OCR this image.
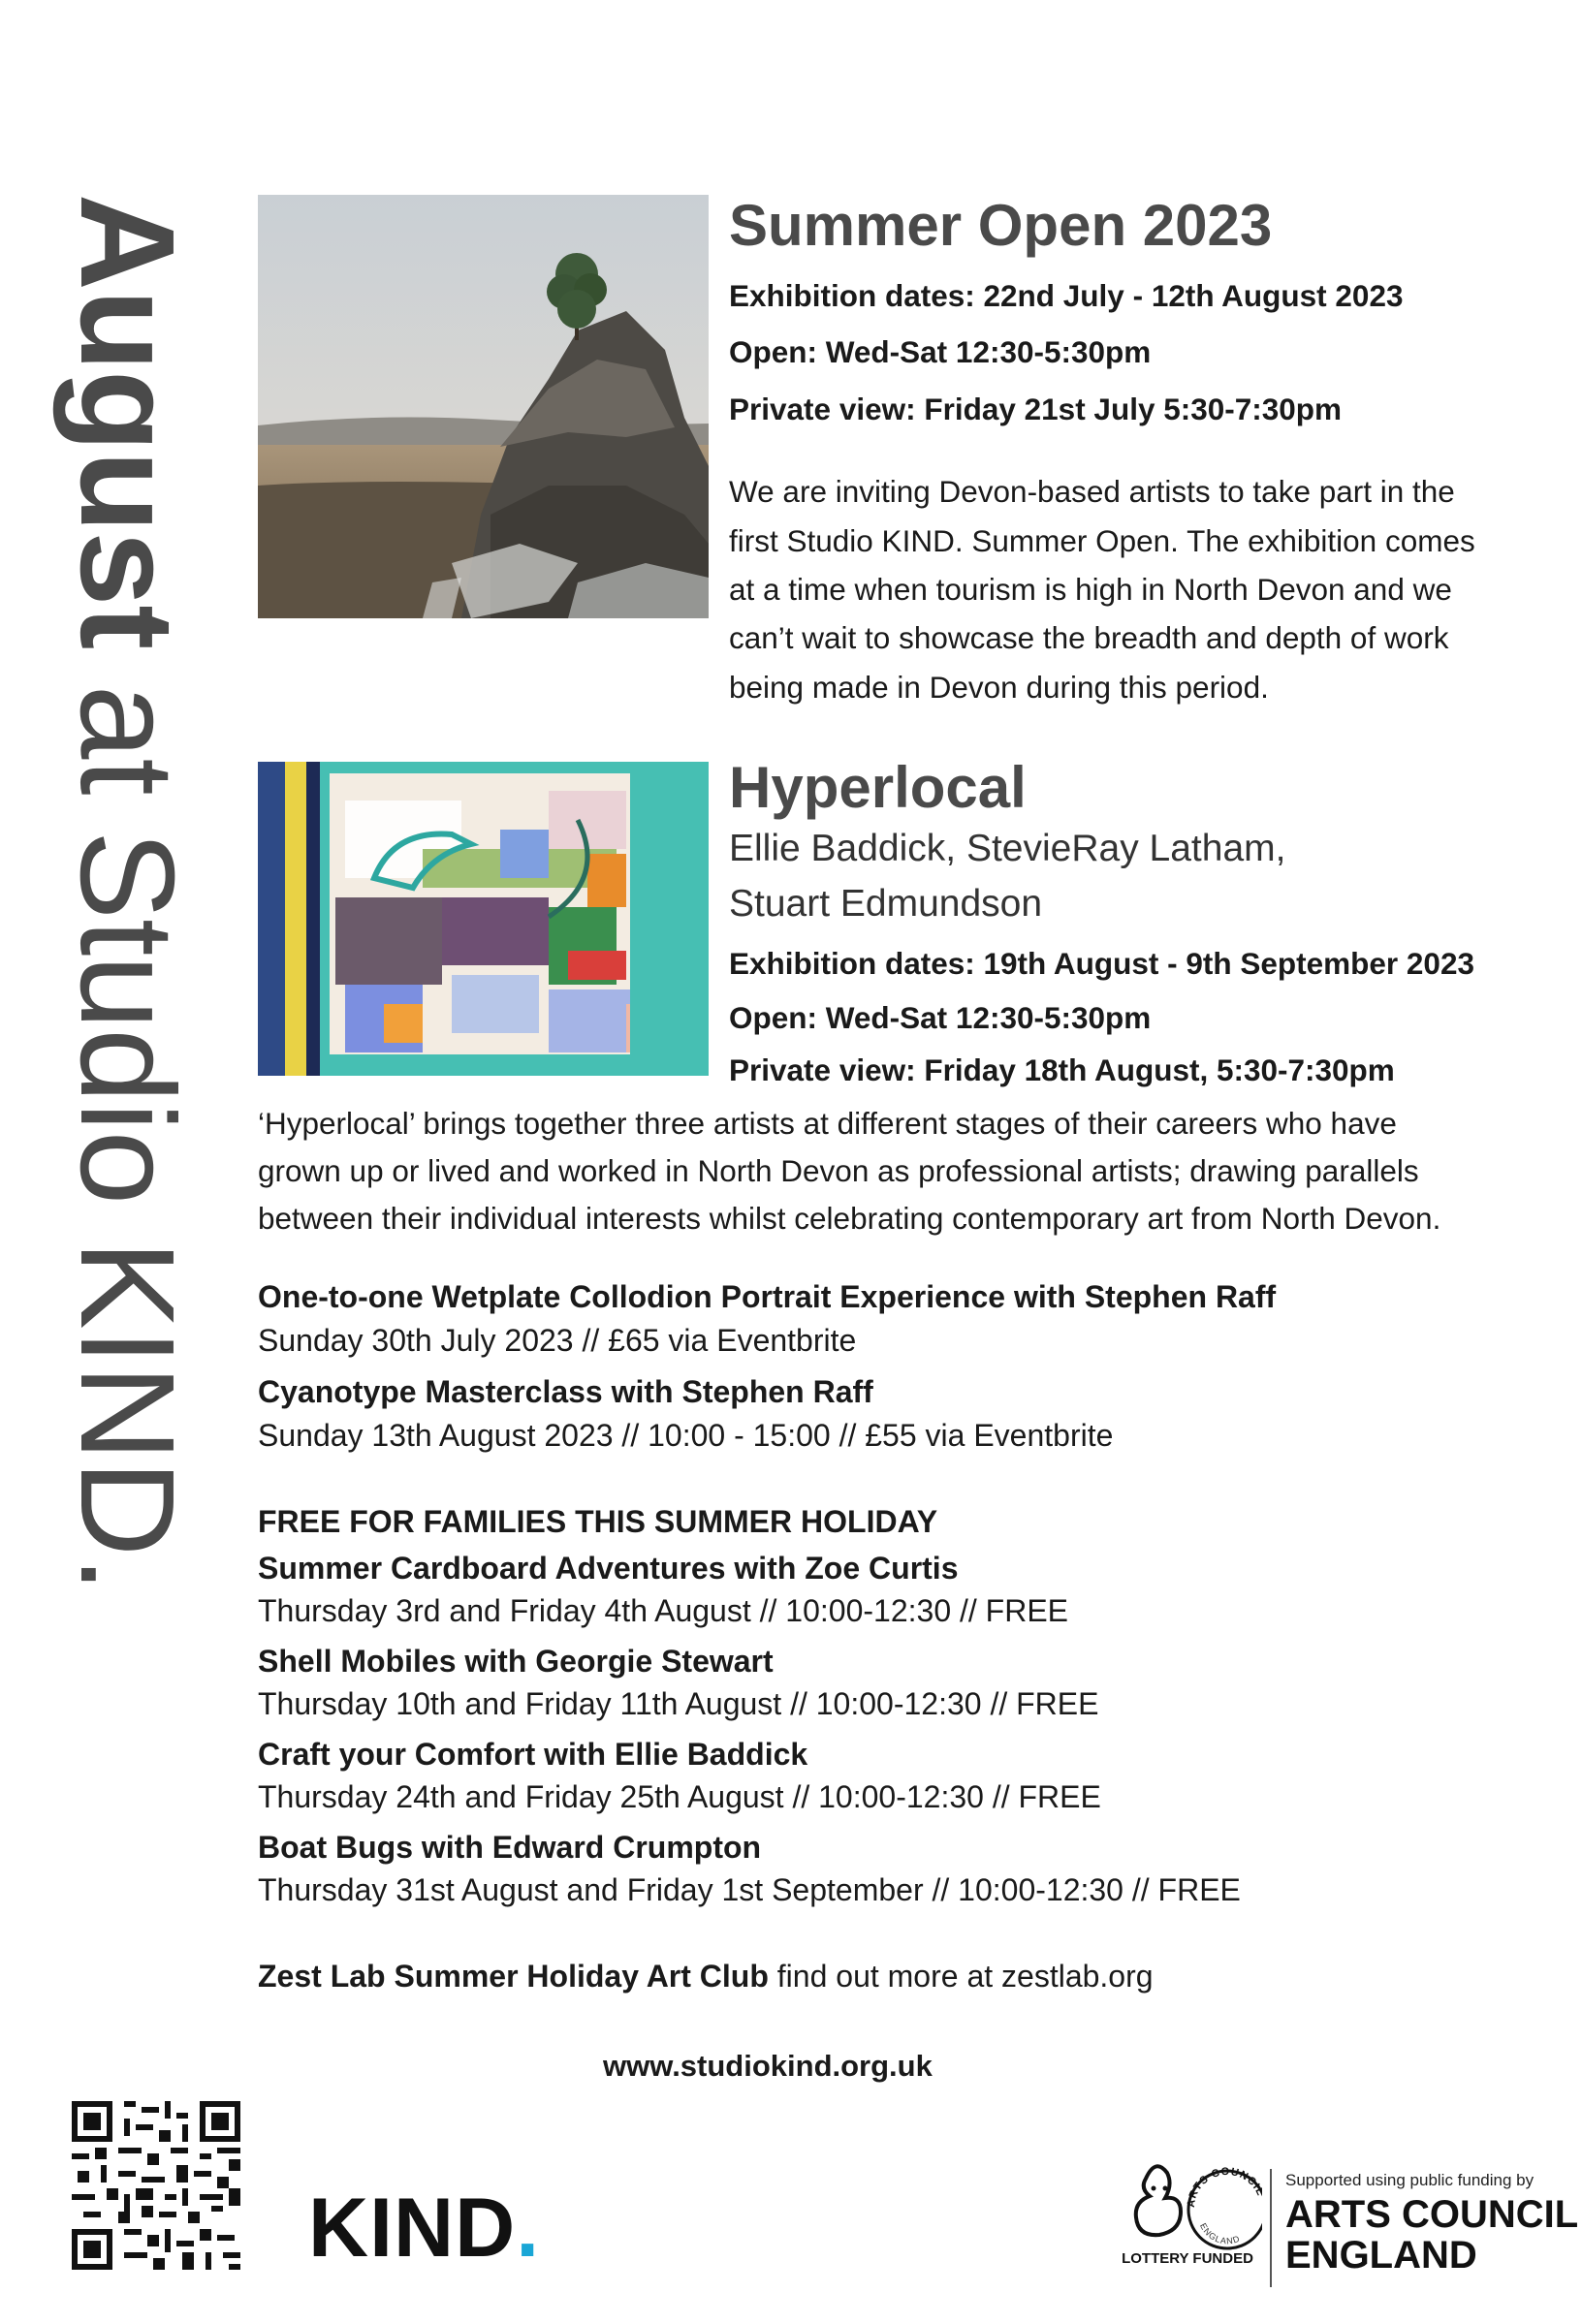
August at Studio KIND.
Summer Open 2023
Exhibition dates: 22nd July - 12th August 2023
Open: Wed-Sat 12:30-5:30pm
Private view: Friday 21st July 5:30-7:30pm
We are inviting Devon-based artists to take part in the
first Studio KIND. Summer Open. The exhibition comes
at a time when tourism is high in North Devon and we
can’t wait to showcase the breadth and depth of work
being made in Devon during this period.
Hyperlocal
Ellie Baddick, StevieRay Latham,
Stuart Edmundson
Exhibition dates: 19th August - 9th September 2023
Open: Wed-Sat 12:30-5:30pm
Private view: Friday 18th August, 5:30-7:30pm
‘Hyperlocal’ brings together three artists at different stages of their careers who have
grown up or lived and worked in North Devon as professional artists; drawing parallels
between their individual interests whilst celebrating contemporary art from North Devon.
One-to-one Wetplate Collodion Portrait Experience with Stephen Raff
Sunday 30th July 2023 // £65 via Eventbrite
Cyanotype Masterclass with Stephen Raff
Sunday 13th August 2023 // 10:00 - 15:00 // £55 via Eventbrite
FREE FOR FAMILIES THIS SUMMER HOLIDAY
Summer Cardboard Adventures with Zoe Curtis
Thursday 3rd and Friday 4th August // 10:00-12:30 // FREE
Shell Mobiles with Georgie Stewart
Thursday 10th and Friday 11th August // 10:00-12:30 // FREE
Craft your Comfort with Ellie Baddick
Thursday 24th and Friday 25th August // 10:00-12:30 // FREE
Boat Bugs with Edward Crumpton
Thursday 31st August and Friday 1st September // 10:00-12:30 // FREE
Zest Lab Summer Holiday Art Club find out more at zestlab.org
www.studiokind.org.uk
KIND.	ARTS COUNCI
ENGLAND
LOTTERY FUNDED
Supported using public funding by
ARTS COUNCIL
ENGLAND
